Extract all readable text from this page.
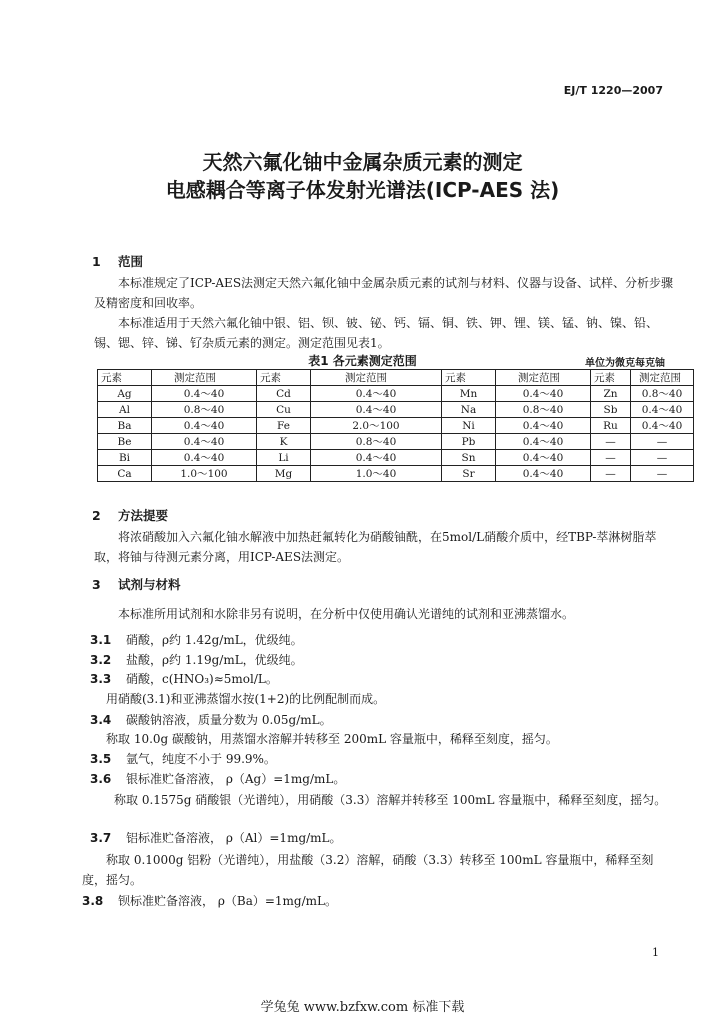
EJ/T 1220—2007
天然六氟化铀中金属杂质元素的测定
电感耦合等离子体发射光谱法(ICP-AES 法)
1 范围
本标准规定了ICP-AES法测定天然六氟化铀中金属杂质元素的试剂与材料、仪器与设备、试样、分析步骤及精密度和回收率。
本标准适用于天然六氟化铀中银、铝、钡、铍、铋、钙、镉、铜、铁、钾、锂、镁、锰、钠、镍、铅、锡、锶、锌、锑、钌杂质元素的测定。测定范围见表1。
表1 各元素测定范围	单位为微克每克铀
元素	测定范围	元素	测定范围	元素	测定范围	元素	测定范围
Ag	0.4～40	Cd	0.4～40	Mn	0.4～40	Zn	0.8～40
Al	0.8～40	Cu	0.4～40	Na	0.8～40	Sb	0.4～40
Ba	0.4～40	Fe	2.0～100	Ni	0.4～40	Ru	0.4～40
Be	0.4～40	K	0.8～40	Pb	0.4～40	—	—
Bi	0.4～40	Li	0.4～40	Sn	0.4～40	—	—
Ca	1.0～100	Mg	1.0～40	Sr	0.4～40	—	—
2 方法提要
将浓硝酸加入六氟化铀水解液中加热赶氟转化为硝酸铀酰，在5mol/L硝酸介质中，经TBP-萃淋树脂萃取，将铀与待测元素分离，用ICP-AES法测定。
3 试剂与材料
本标准所用试剂和水除非另有说明，在分析中仅使用确认光谱纯的试剂和亚沸蒸馏水。
3.1 硝酸，ρ约 1.42g/mL，优级纯。
3.2 盐酸，ρ约 1.19g/mL，优级纯。
3.3 硝酸，c(HNO₃)≈5mol/L。
用硝酸(3.1)和亚沸蒸馏水按(1+2)的比例配制而成。
3.4 碳酸钠溶液，质量分数为 0.05g/mL。
称取 10.0g 碳酸钠，用蒸馏水溶解并转移至 200mL 容量瓶中，稀释至刻度，摇匀。
3.5 氩气，纯度不小于 99.9%。
3.6 银标准贮备溶液， ρ（Ag）=1mg/mL。
称取 0.1575g 硝酸银（光谱纯），用硝酸（3.3）溶解并转移至 100mL 容量瓶中，稀释至刻度，摇匀。
3.7 铝标准贮备溶液， ρ（Al）=1mg/mL。
称取 0.1000g 铝粉（光谱纯），用盐酸（3.2）溶解，硝酸（3.3）转移至 100mL 容量瓶中，稀释至刻度，摇匀。
3.8 钡标准贮备溶液， ρ（Ba）=1mg/mL。
1
学兔兔 www.bzfxw.com 标准下载
